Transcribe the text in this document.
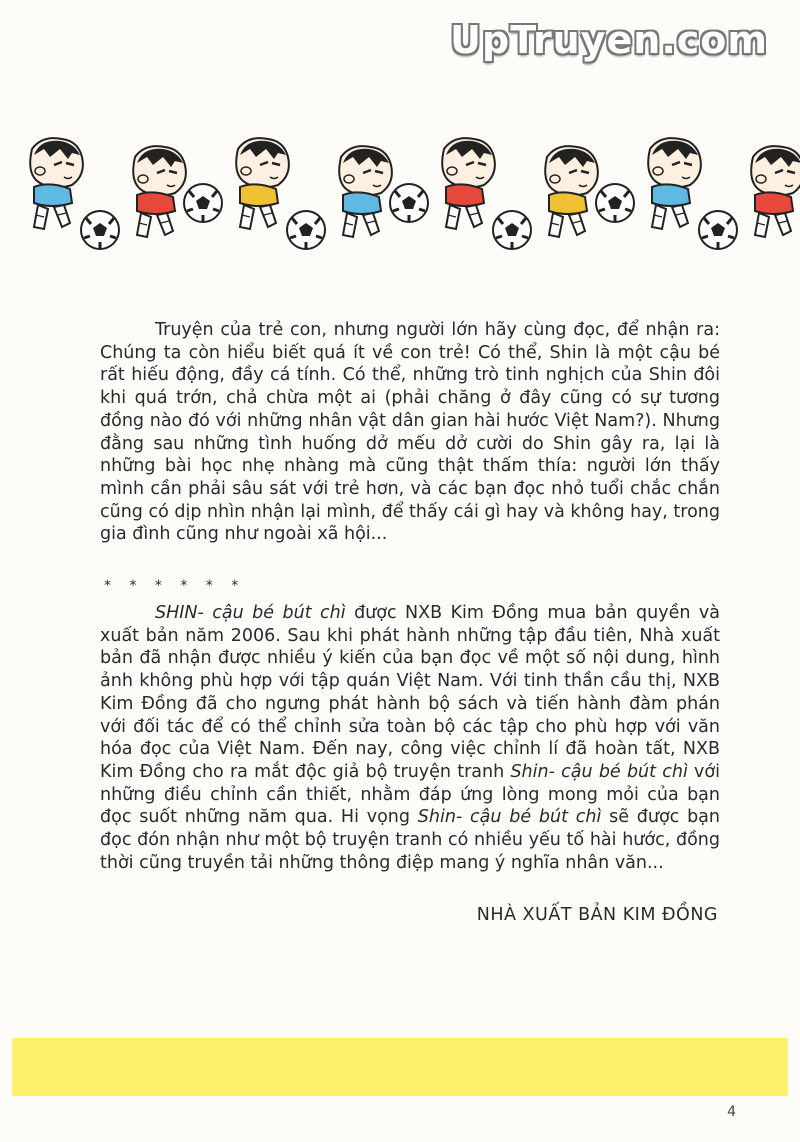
UpTruyen.com
Truyện của trẻ con, nhưng người lớn hãy cùng đọc, để nhận ra: Chúng ta còn hiểu biết quá ít về con trẻ! Có thể, Shin là một cậu bé rất hiếu động, đầy cá tính. Có thể, những trò tinh nghịch của Shin đôi khi quá trớn, chả chừa một ai (phải chăng ở đây cũng có sự tương đồng nào đó với những nhân vật dân gian hài hước Việt Nam?). Nhưng đằng sau những tình huống dở mếu dở cười do Shin gây ra, lại là những bài học nhẹ nhàng mà cũng thật thấm thía: người lớn thấy mình cần phải sâu sát với trẻ hơn, và các bạn đọc nhỏ tuổi chắc chắn cũng có dịp nhìn nhận lại mình, để thấy cái gì hay và không hay, trong gia đình cũng như ngoài xã hội...
* * * * * *
SHIN- cậu bé bút chì được NXB Kim Đồng mua bản quyền và xuất bản năm 2006. Sau khi phát hành những tập đầu tiên, Nhà xuất bản đã nhận được nhiều ý kiến của bạn đọc về một số nội dung, hình ảnh không phù hợp với tập quán Việt Nam. Với tinh thần cầu thị, NXB Kim Đồng đã cho ngưng phát hành bộ sách và tiến hành đàm phán với đối tác để có thể chỉnh sửa toàn bộ các tập cho phù hợp với văn hóa đọc của Việt Nam. Đến nay, công việc chỉnh lí đã hoàn tất, NXB Kim Đồng cho ra mắt độc giả bộ truyện tranh Shin- cậu bé bút chì với những điều chỉnh cần thiết, nhằm đáp ứng lòng mong mỏi của bạn đọc suốt những năm qua. Hi vọng Shin- cậu bé bút chì sẽ được bạn đọc đón nhận như một bộ truyện tranh có nhiều yếu tố hài hước, đồng thời cũng truyền tải những thông điệp mang ý nghĩa nhân văn...
NHÀ XUẤT BẢN KIM ĐỒNG
4
